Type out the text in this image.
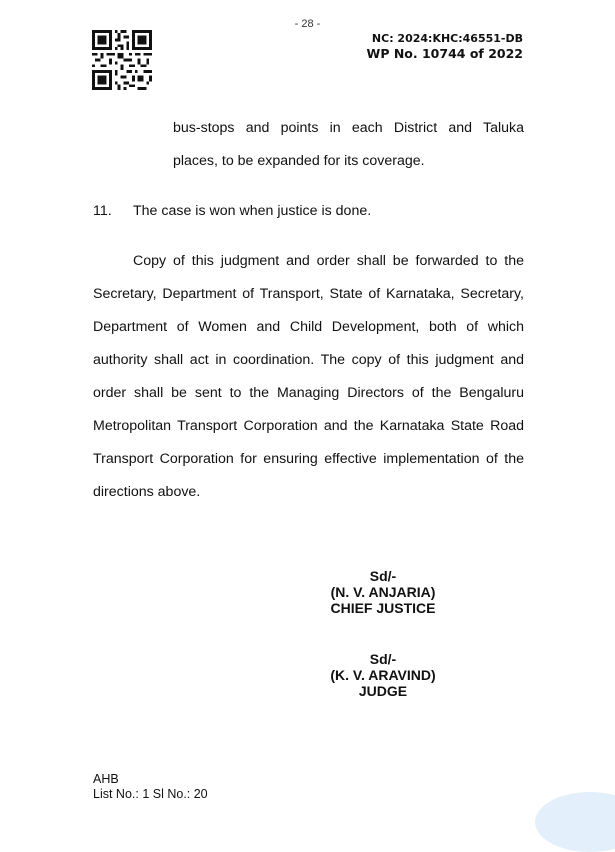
- 28 -
NC: 2024:KHC:46551-DB
WP No. 10744 of 2022
bus-stops and points in each District and Taluka
places, to be expanded for its coverage.
11. The case is won when justice is done.
Copy of this judgment and order shall be forwarded to the
Secretary, Department of Transport, State of Karnataka, Secretary,
Department of Women and Child Development, both of which
authority shall act in coordination. The copy of this judgment and
order shall be sent to the Managing Directors of the Bengaluru
Metropolitan Transport Corporation and the Karnataka State Road
Transport Corporation for ensuring effective implementation of the
directions above.
Sd/-
(N. V. ANJARIA)
CHIEF JUSTICE
Sd/-
(K. V. ARAVIND)
JUDGE
AHB
List No.: 1 Sl No.: 20
